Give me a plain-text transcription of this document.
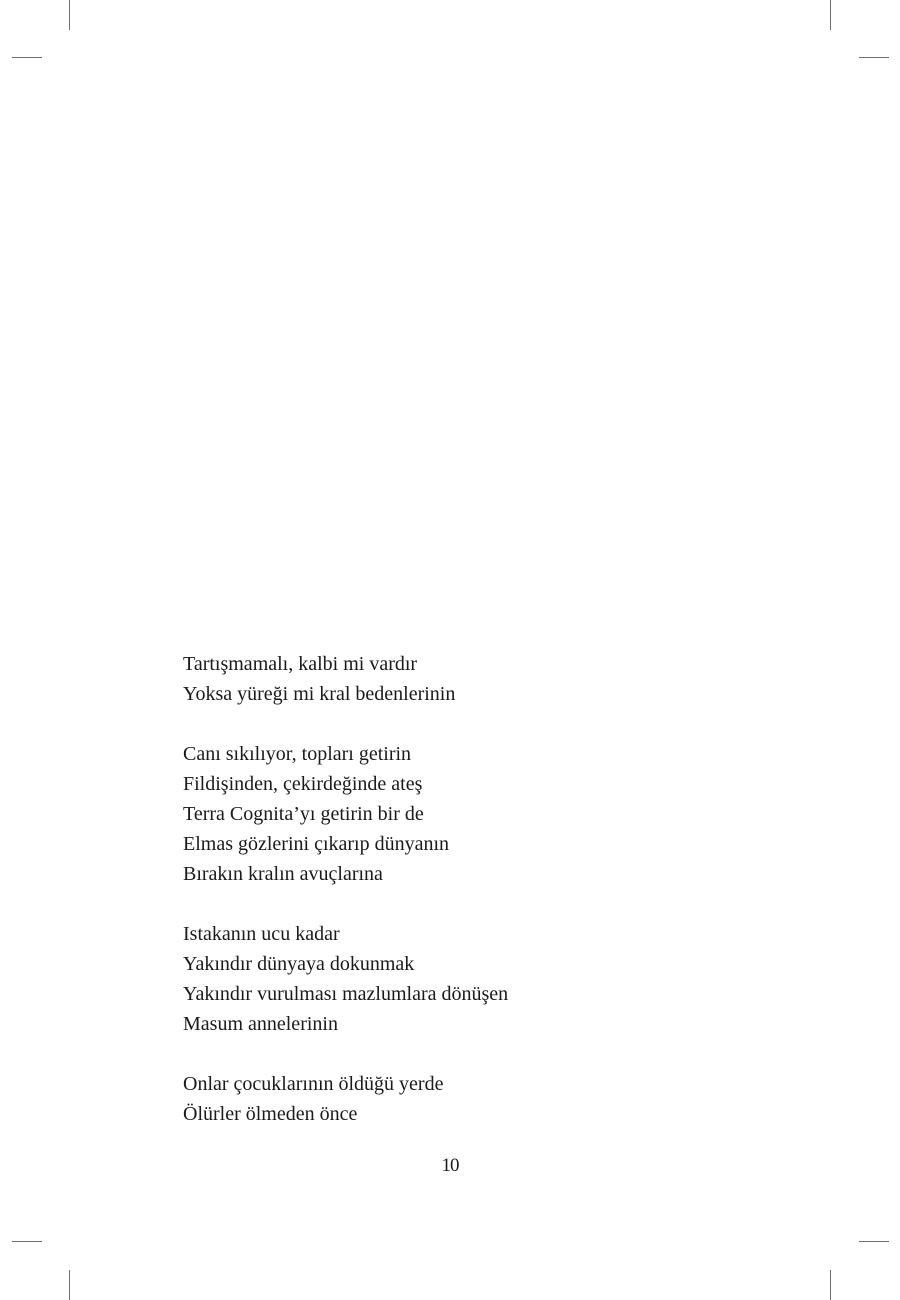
Tartışmamalı, kalbi mi vardır
Yoksa yüreği mi kral bedenlerinin
Canı sıkılıyor, topları getirin
Fildişinden, çekirdeğinde ateş
Terra Cognita’yı getirin bir de
Elmas gözlerini çıkarıp dünyanın
Bırakın kralın avuçlarına
Istakanın ucu kadar
Yakındır dünyaya dokunmak
Yakındır vurulması mazlumlara dönüşen
Masum annelerinin
Onlar çocuklarının öldüğü yerde
Ölürler ölmeden önce
10
